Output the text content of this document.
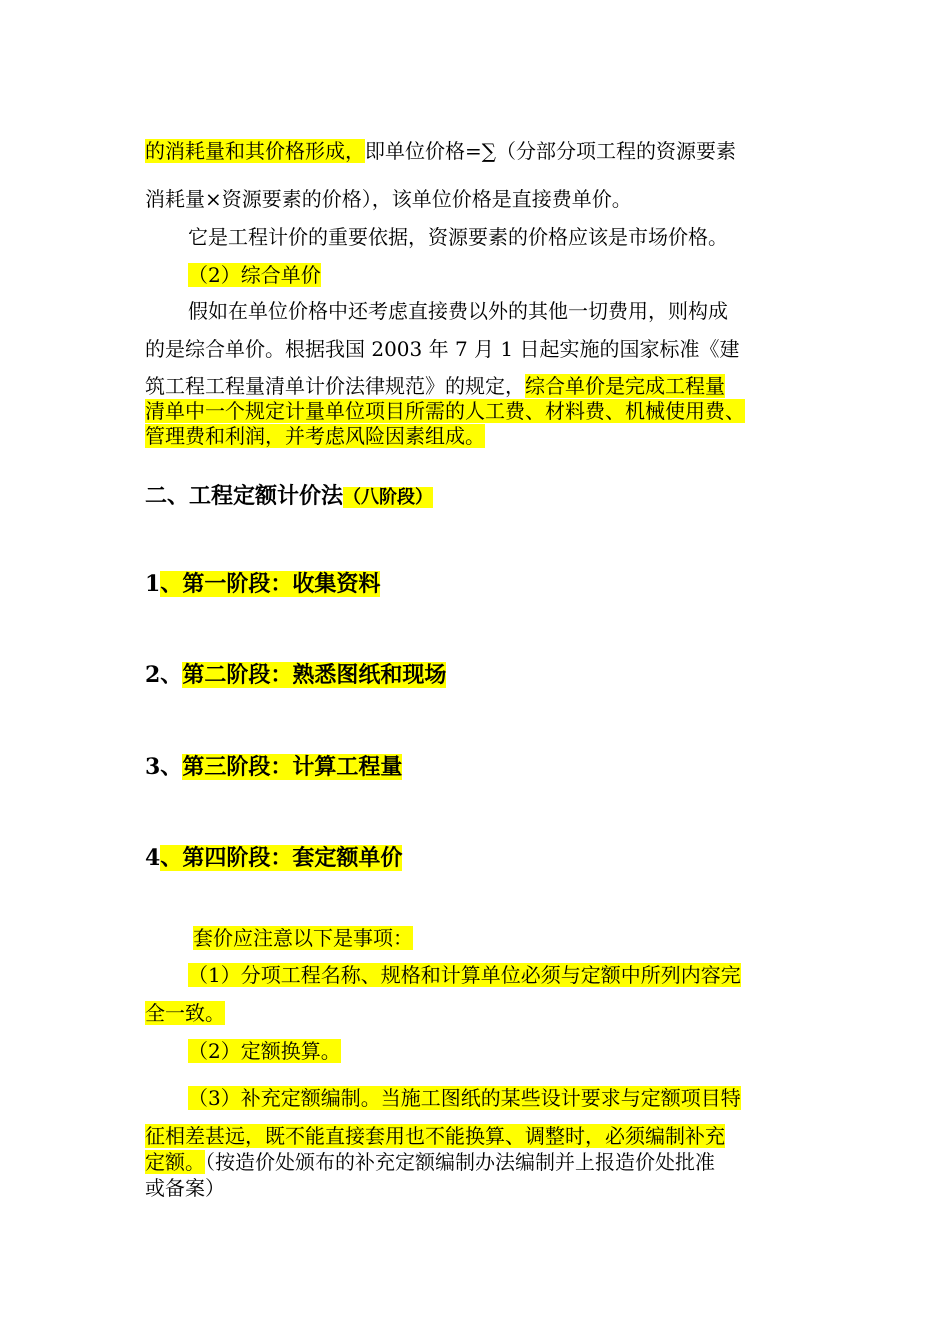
的消耗量和其价格形成，即单位价格=∑（分部分项工程的资源要素
消耗量×资源要素的价格），该单位价格是直接费单价。
它是工程计价的重要依据，资源要素的价格应该是市场价格。
（2）综合单价
假如在单位价格中还考虑直接费以外的其他一切费用，则构成
的是综合单价。根据我国 2003 年 7 月 1 日起实施的国家标准《建
筑工程工程量清单计价法律规范》的规定，综合单价是完成工程量
清单中一个规定计量单位项目所需的人工费、材料费、机械使用费、
管理费和利润，并考虑风险因素组成。
二、工程定额计价法（八阶段）
1、第一阶段：收集资料
2、第二阶段：熟悉图纸和现场
3、第三阶段：计算工程量
4、第四阶段：套定额单价
套价应注意以下是事项：
（1）分项工程名称、规格和计算单位必须与定额中所列内容完
全一致。
（2）定额换算。
（3）补充定额编制。当施工图纸的某些设计要求与定额项目特
征相差甚远，既不能直接套用也不能换算、调整时，必须编制补充
定额。（按造价处颁布的补充定额编制办法编制并上报造价处批准
或备案）
